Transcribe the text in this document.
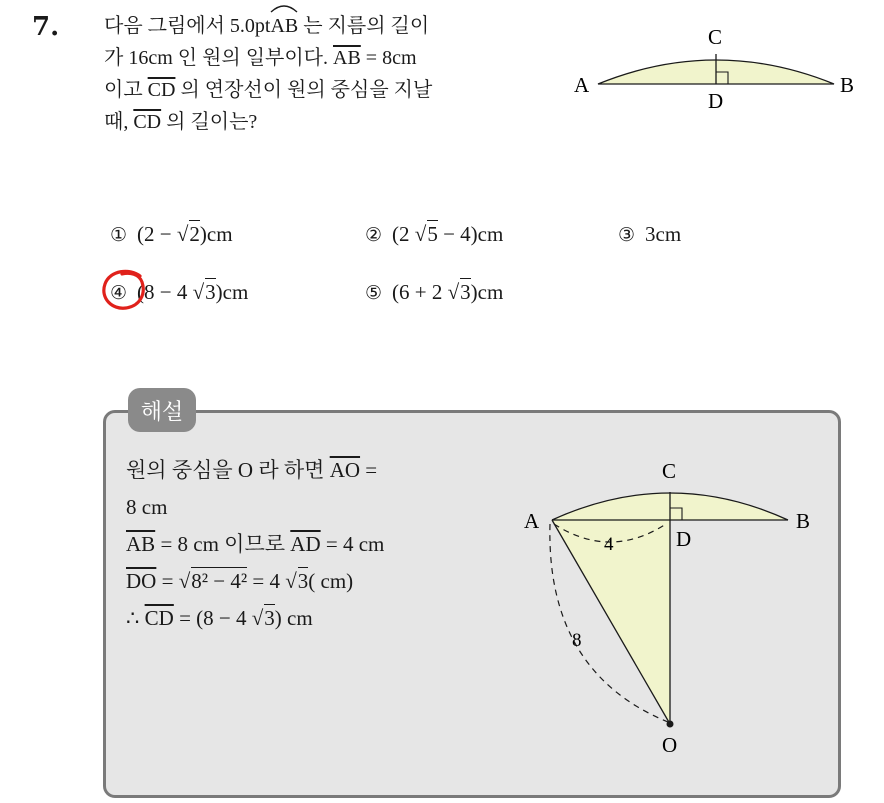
7. 다음 그림에서 5.0pt
AB 는 지름의 길이
가 16cm 인 원의 일부이다. $\overline{AB} = 8cm$
이고 $\overline{CD}$ 의 연장선이 원의 중심을 지날
때, $\overline{CD}$ 의 길이는?
A	B
C
D
① (2 − √2)cm	② (2 √5 − 4)cm	③ 3cm
④ (8 − 4 √3)cm	⑤ (6 + 2 √3)cm
해설
원의 중심을 O 라 하면 $\overline{AO}$ =
8 cm
$\overline{AB} = 8$ cm 이므로 $\overline{AD} = 4$ cm
$\overline{DO} = √8^2 - 4^2 = 4$ √3( cm)
∴ $\overline{CD} = (8 - 4$ √3) cm
A	B
C
D
O
4
8
